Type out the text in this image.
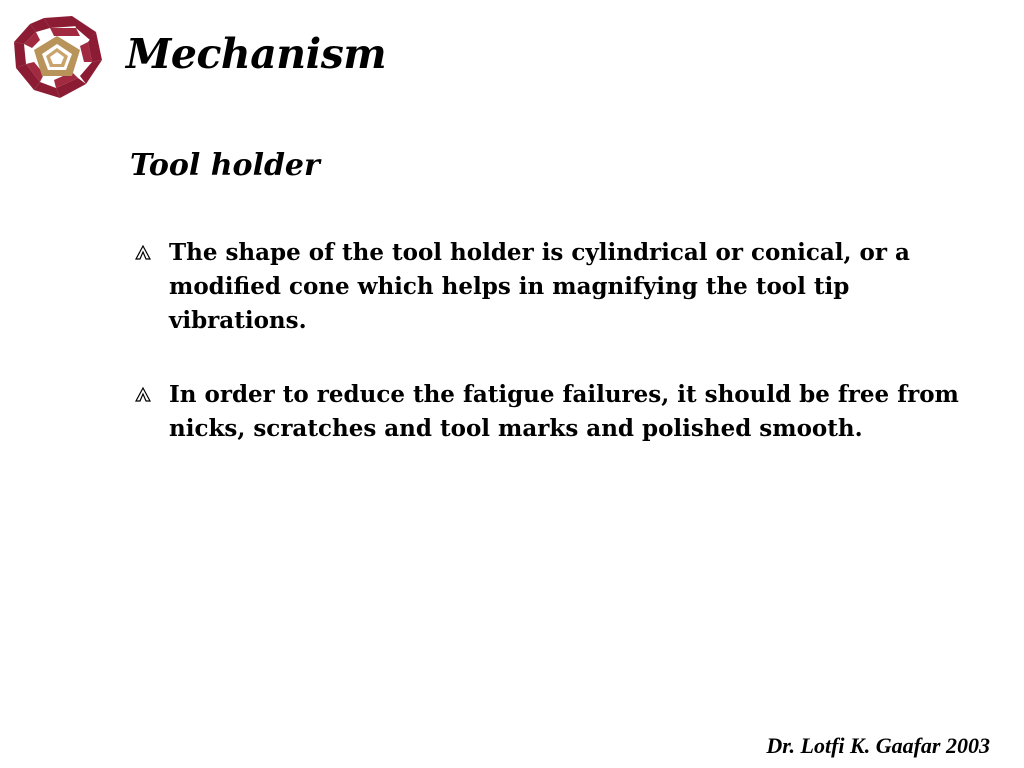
Mechanism
Tool holder
The shape of the tool holder is cylindrical or conical, or a modified cone which helps in magnifying the tool tip vibrations.
In order to reduce the fatigue failures, it should be free from nicks, scratches and tool marks and polished smooth.

Dr. Lotfi K. Gaafar 2003
